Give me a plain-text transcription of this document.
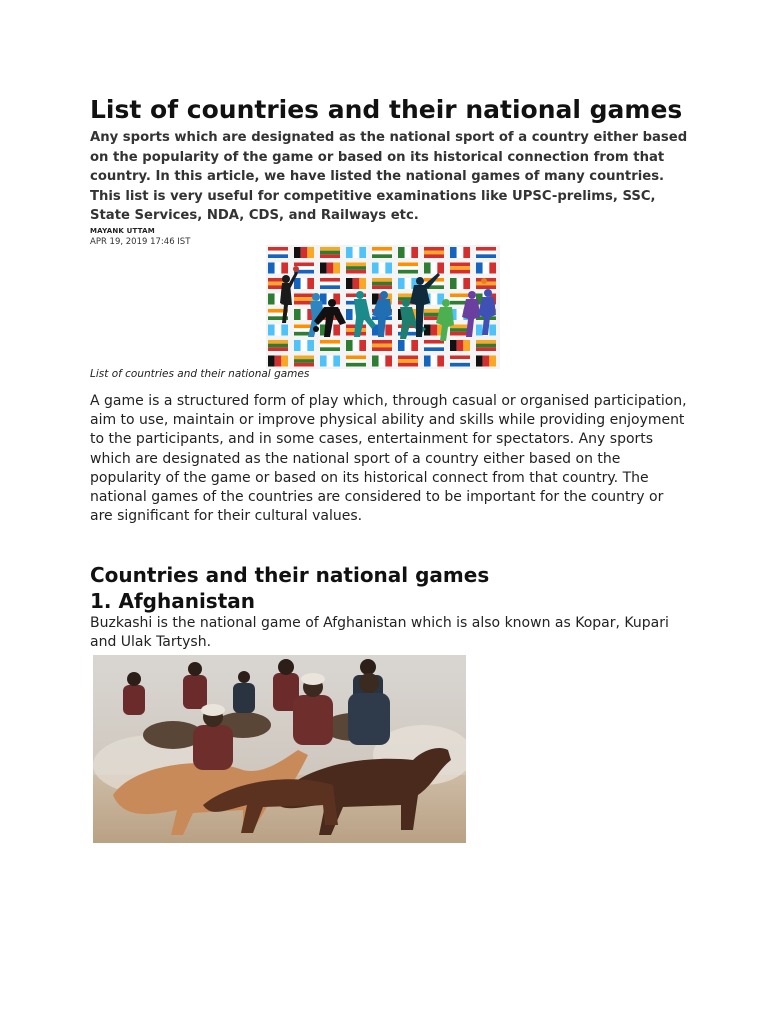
List of countries and their national games

Any sports which are designated as the national sport of a country either based on the popularity of the game or based on its historical connection from that country. In this article, we have listed the national games of many countries. This list is very useful for competitive examinations like UPSC-prelims, SSC, State Services, NDA, CDS, and Railways etc.

MAYANK UTTAM
APR 19, 2019 17:46 IST
List of countries and their national games

A game is a structured form of play which, through casual or organised participation, aim to use, maintain or improve physical ability and skills while providing enjoyment to the participants, and in some cases, entertainment for spectators. Any sports which are designated as the national sport of a country either based on the popularity of the game or based on its historical connect from that country. The national games of the countries are considered to be important for the country or are significant for their cultural values.

Countries and their national games
1. Afghanistan

Buzkashi is the national game of Afghanistan which is also known as Kopar, Kupari and Ulak Tartysh.
